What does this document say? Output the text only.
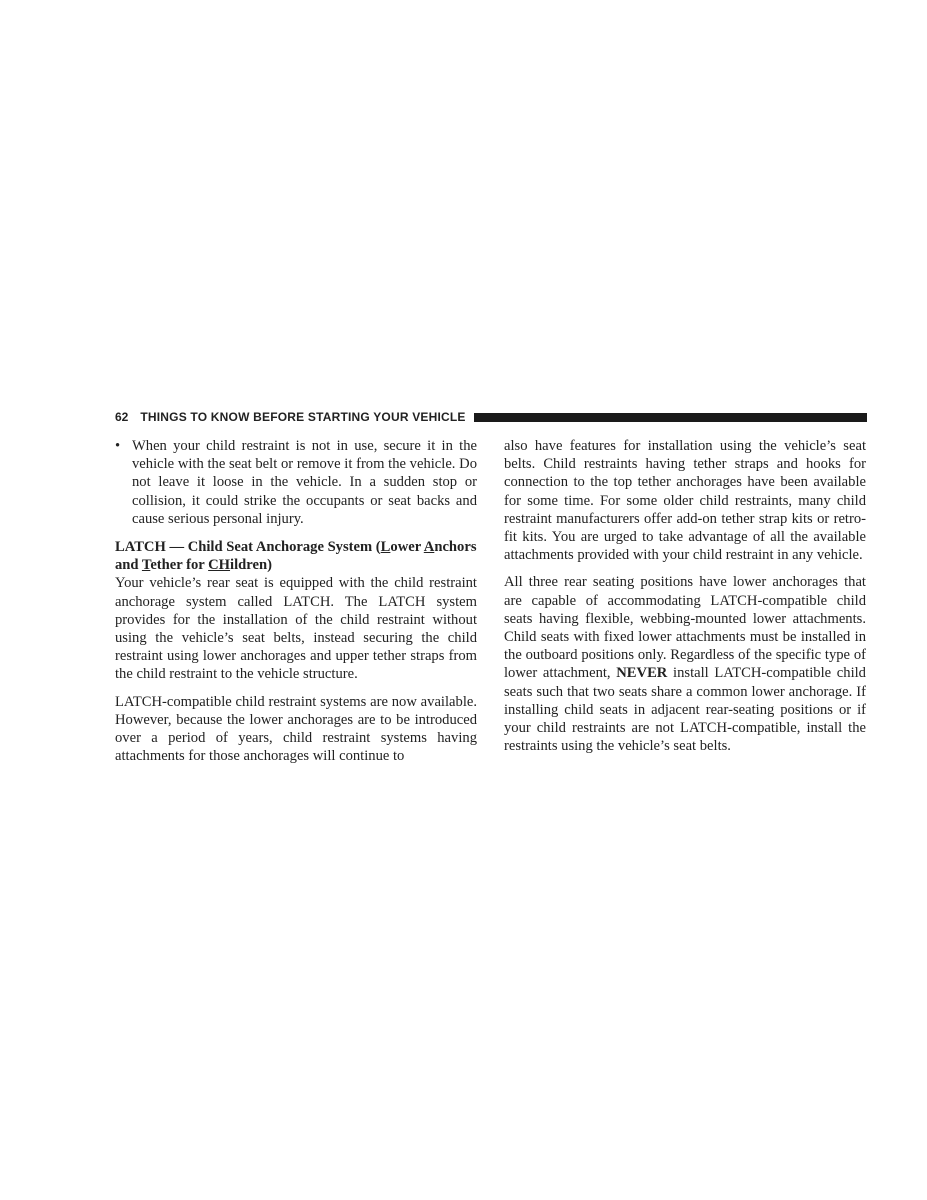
62 THINGS TO KNOW BEFORE STARTING YOUR VEHICLE
• When your child restraint is not in use, secure it in the vehicle with the seat belt or remove it from the vehicle. Do not leave it loose in the vehicle. In a sudden stop or collision, it could strike the occupants or seat backs and cause serious personal injury.

LATCH — Child Seat Anchorage System (Lower Anchors and Tether for CHildren)

Your vehicle’s rear seat is equipped with the child restraint anchorage system called LATCH. The LATCH system provides for the installation of the child restraint without using the vehicle’s seat belts, instead securing the child restraint using lower anchorages and upper tether straps from the child restraint to the vehicle structure.

LATCH-compatible child restraint systems are now available. However, because the lower anchorages are to be introduced over a period of years, child restraint systems having attachments for those anchorages will continue to

also have features for installation using the vehicle’s seat belts. Child restraints having tether straps and hooks for connection to the top tether anchorages have been available for some time. For some older child restraints, many child restraint manufacturers offer add-on tether strap kits or retro-fit kits. You are urged to take advantage of all the available attachments provided with your child restraint in any vehicle.

All three rear seating positions have lower anchorages that are capable of accommodating LATCH-compatible child seats having flexible, webbing-mounted lower attachments. Child seats with fixed lower attachments must be installed in the outboard positions only. Regardless of the specific type of lower attachment, NEVER install LATCH-compatible child seats such that two seats share a common lower anchorage. If installing child seats in adjacent rear-seating positions or if your child restraints are not LATCH-compatible, install the restraints using the vehicle’s seat belts.
